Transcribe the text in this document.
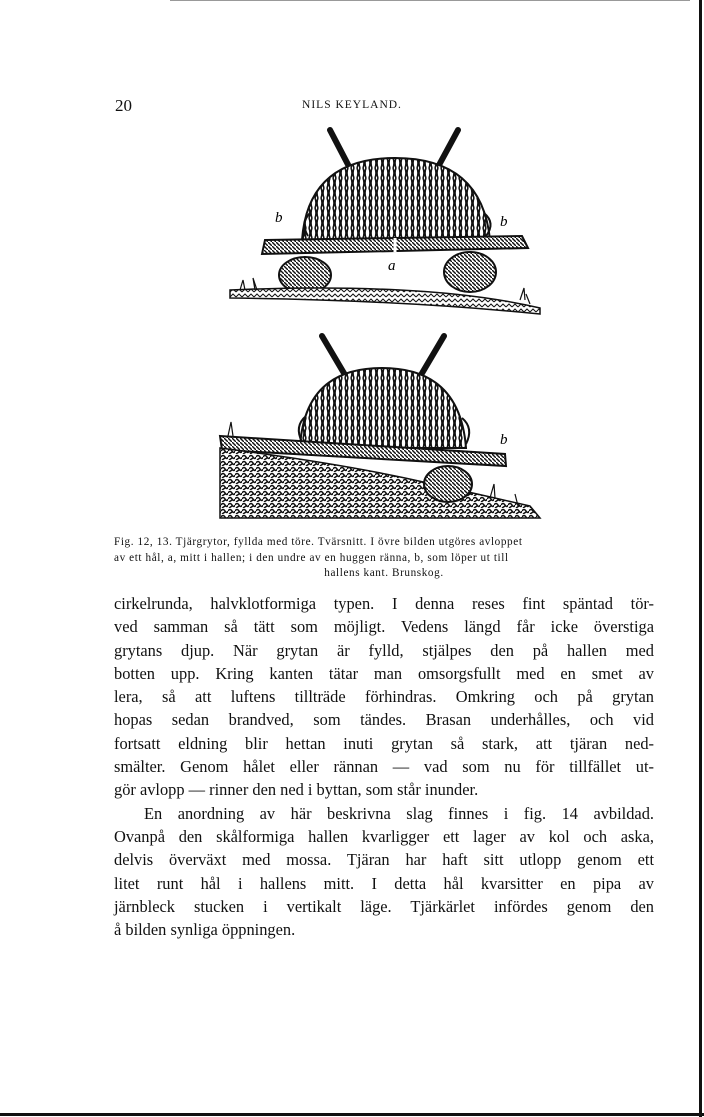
20	NILS KEYLAND.
b	b
a
b
Fig. 12, 13. Tjärgrytor, fyllda med töre. Tvärsnitt. I övre bilden utgöres avloppet
av ett hål, a, mitt i hallen; i den undre av en huggen ränna, b, som löper ut till
hallens kant. Brunskog.
cirkelrunda, halvklotformiga typen. I denna reses fint späntad tör-
ved samman så tätt som möjligt. Vedens längd får icke överstiga
grytans djup. När grytan är fylld, stjälpes den på hallen med
botten upp. Kring kanten tätar man omsorgsfullt med en smet av
lera, så att luftens tillträde förhindras. Omkring och på grytan
hopas sedan brandved, som tändes. Brasan underhålles, och vid
fortsatt eldning blir hettan inuti grytan så stark, att tjäran ned-
smälter. Genom hålet eller rännan — vad som nu för tillfället ut-
gör avlopp — rinner den ned i byttan, som står inunder.
En anordning av här beskrivna slag finnes i fig. 14 avbildad.
Ovanpå den skålformiga hallen kvarligger ett lager av kol och aska,
delvis överväxt med mossa. Tjäran har haft sitt utlopp genom ett
litet runt hål i hallens mitt. I detta hål kvarsitter en pipa av
järnbleck stucken i vertikalt läge. Tjärkärlet infördes genom den
å bilden synliga öppningen.
